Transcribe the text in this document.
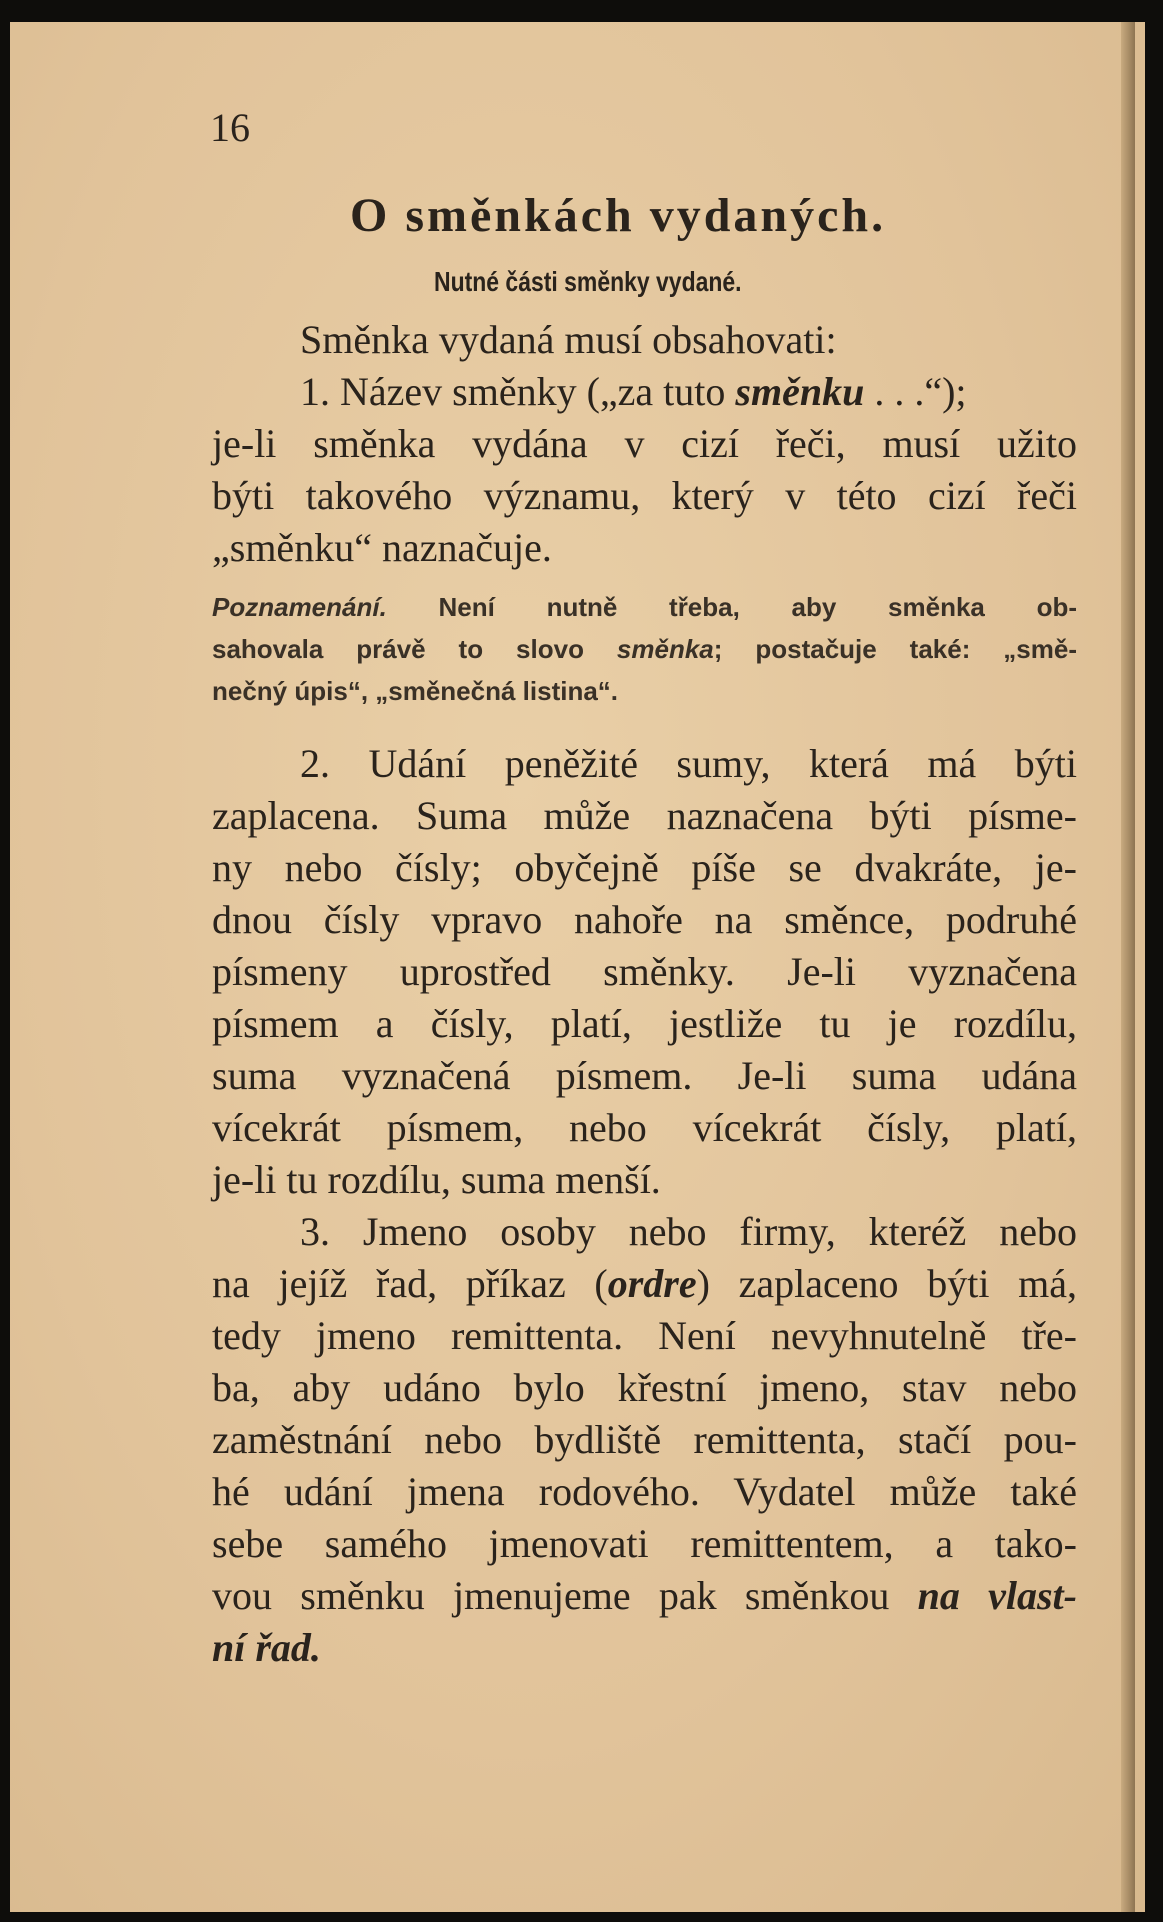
16
O směnkách vydaných.
Nutné části směnky vydané.
Směnka vydaná musí obsahovati:
1. Název směnky („za tuto směnku . . .“);
je-li směnka vydána v cizí řeči, musí užito
býti takového významu, který v této cizí řeči
„směnku“ naznačuje.
Poznamenání. Není nutně třeba, aby směnka ob-
sahovala právě to slovo směnka; postačuje také: „smě-
nečný úpis“, „směnečná listina“.
2. Udání peněžité sumy, která má býti
zaplacena. Suma může naznačena býti písme-
ny nebo čísly; obyčejně píše se dvakráte, je-
dnou čísly vpravo nahoře na směnce, podruhé
písmeny uprostřed směnky. Je-li vyznačena
písmem a čísly, platí, jestliže tu je rozdílu,
suma vyznačená písmem. Je-li suma udána
vícekrát písmem, nebo vícekrát čísly, platí,
je-li tu rozdílu, suma menší.
3. Jmeno osoby nebo firmy, kteréž nebo
na jejíž řad, příkaz (ordre) zaplaceno býti má,
tedy jmeno remittenta. Není nevyhnutelně tře-
ba, aby udáno bylo křestní jmeno, stav nebo
zaměstnání nebo bydliště remittenta, stačí pou-
hé udání jmena rodového. Vydatel může také
sebe samého jmenovati remittentem, a tako-
vou směnku jmenujeme pak směnkou na vlast-
ní řad.
